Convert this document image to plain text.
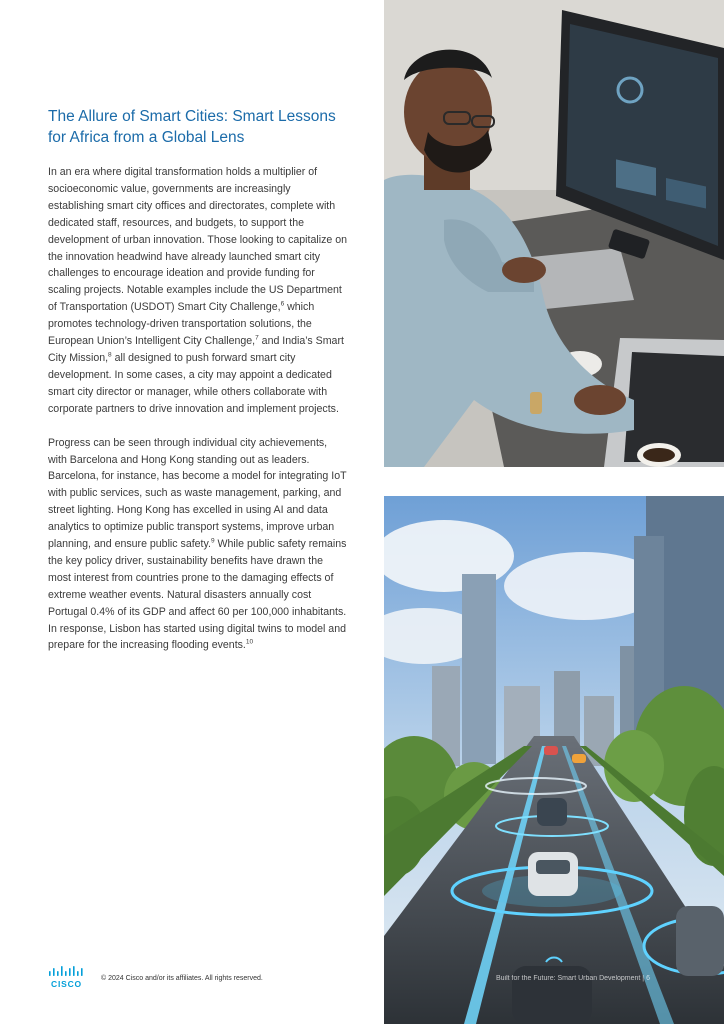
The Allure of Smart Cities: Smart Lessons for Africa from a Global Lens

In an era where digital transformation holds a multiplier of socioeconomic value, governments are increasingly establishing smart city offices and directorates, complete with dedicated staff, resources, and budgets, to support the development of urban innovation. Those looking to capitalize on the innovation headwind have already launched smart city challenges to encourage ideation and provide funding for scaling projects. Notable examples include the US Department of Transportation (USDOT) Smart City Challenge,$^6$ which promotes technology-driven transportation solutions, the European Union’s Intelligent City Challenge,$^7$ and India’s Smart City Mission,$^8$ all designed to push forward smart city development. In some cases, a city may appoint a dedicated smart city director or manager, while others collaborate with corporate partners to drive innovation and implement projects.

Progress can be seen through individual city achievements, with Barcelona and Hong Kong standing out as leaders. Barcelona, for instance, has become a model for integrating IoT with public services, such as waste management, parking, and street lighting. Hong Kong has excelled in using AI and data analytics to optimize public transport systems, improve urban planning, and ensure public safety.$^9$ While public safety remains the key policy driver, sustainability benefits have drawn the most interest from countries prone to the damaging effects of extreme weather events. Natural disasters annually cost Portugal 0.4% of its GDP and affect 60 per 100,000 inhabitants. In response, Lisbon has started using digital twins to model and prepare for the increasing flooding events.$^{10}$

CISCO
© 2024 Cisco and/or its affiliates. All rights reserved.	Built for the Future: Smart Urban Development | 6
